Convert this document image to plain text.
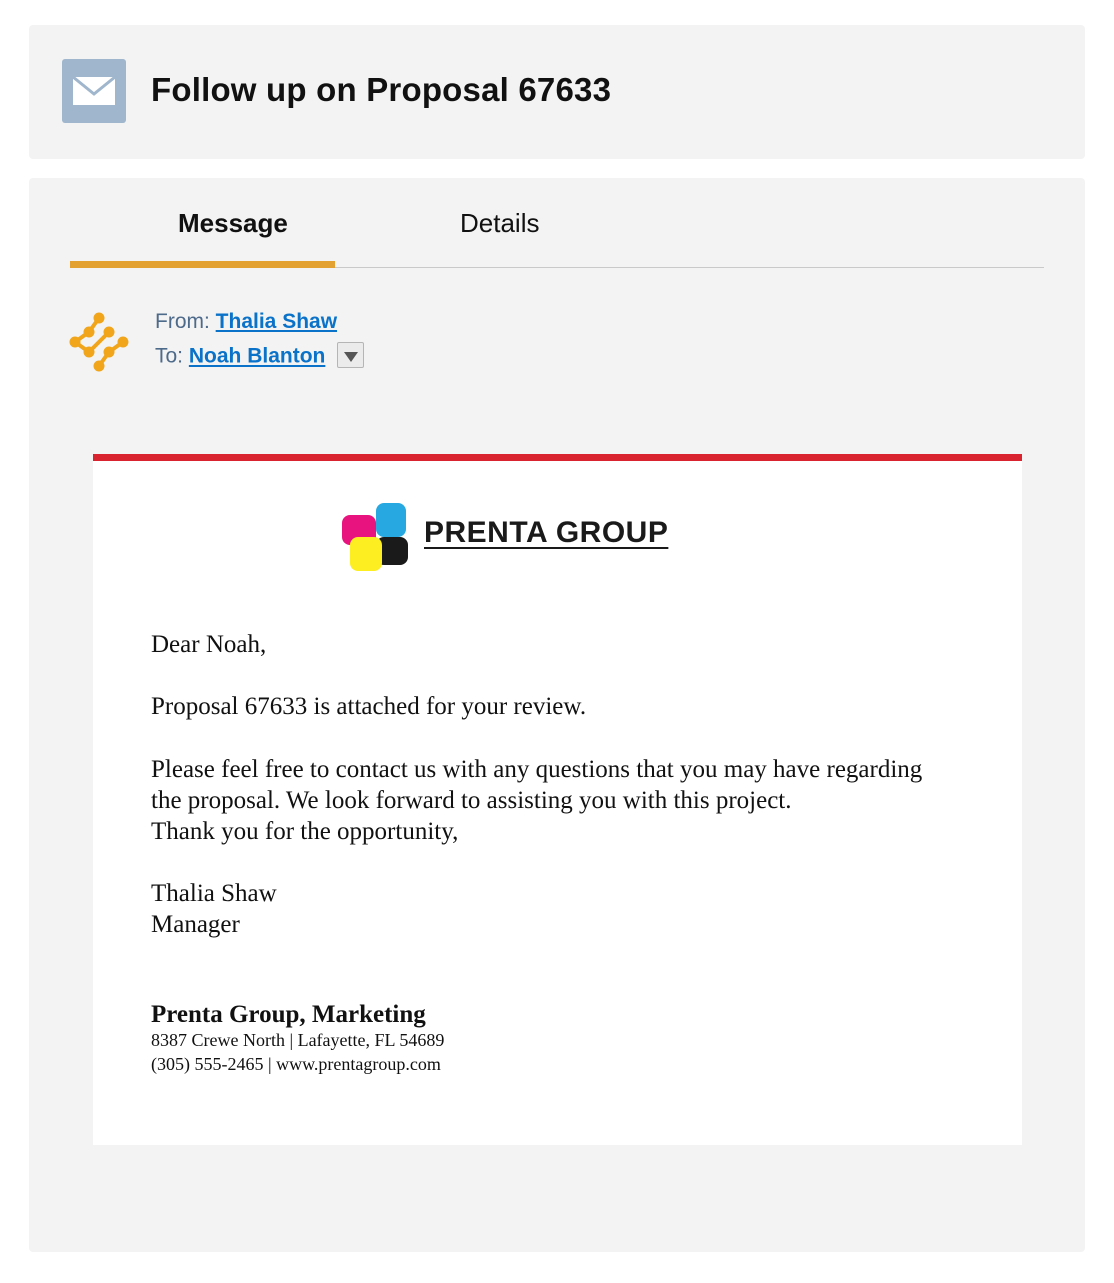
Follow up on Proposal 67633
Message	Details
From: Thalia Shaw
To: Noah Blanton
PRENTA GROUP
Dear Noah,
Proposal 67633 is attached for your review.
Please feel free to contact us with any questions that you may have regarding
the proposal. We look forward to assisting you with this project.
Thank you for the opportunity,
Thalia Shaw
Manager
Prenta Group, Marketing
8387 Crewe North | Lafayette, FL 54689
(305) 555-2465 | www.prentagroup.com
